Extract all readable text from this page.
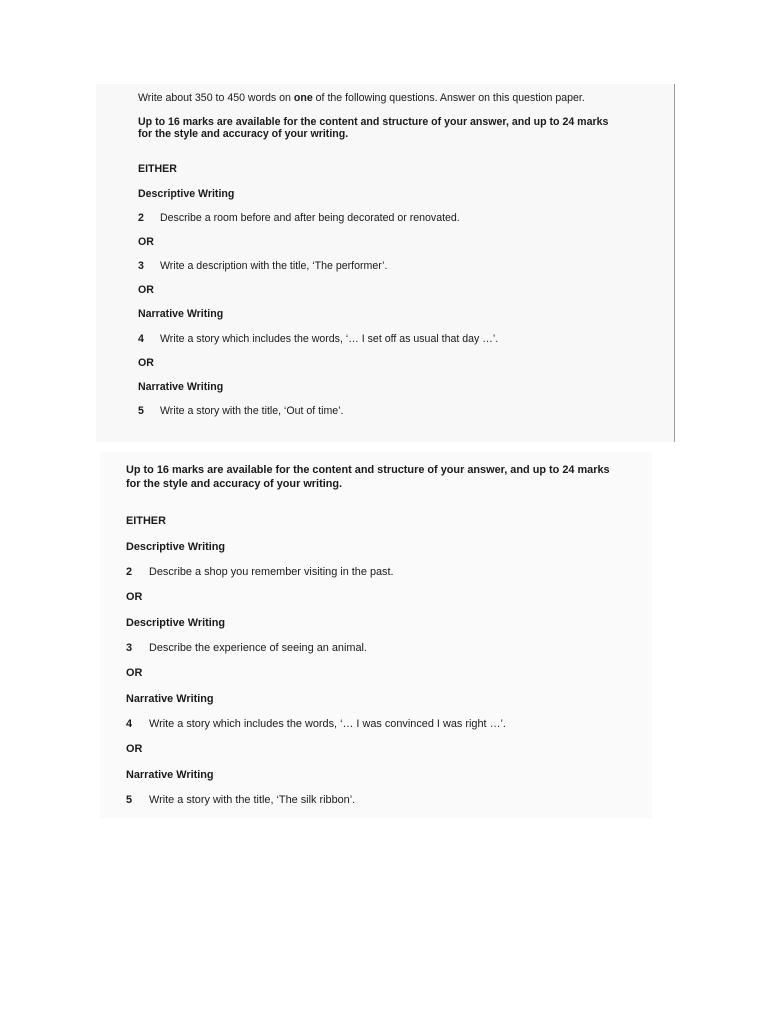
Write about 350 to 450 words on one of the following questions. Answer on this question paper.
Up to 16 marks are available for the content and structure of your answer, and up to 24 marks
for the style and accuracy of your writing.
EITHER
Descriptive Writing
2 Describe a room before and after being decorated or renovated.
OR
3 Write a description with the title, ‘The performer’.
OR
Narrative Writing
4 Write a story which includes the words, ‘… I set off as usual that day …’.
OR
Narrative Writing
5 Write a story with the title, ‘Out of time’.
Up to 16 marks are available for the content and structure of your answer, and up to 24 marks
for the style and accuracy of your writing.
EITHER
Descriptive Writing
2 Describe a shop you remember visiting in the past.
OR
Descriptive Writing
3 Describe the experience of seeing an animal.
OR
Narrative Writing
4 Write a story which includes the words, ‘… I was convinced I was right …’.
OR
Narrative Writing
5 Write a story with the title, ‘The silk ribbon’.
